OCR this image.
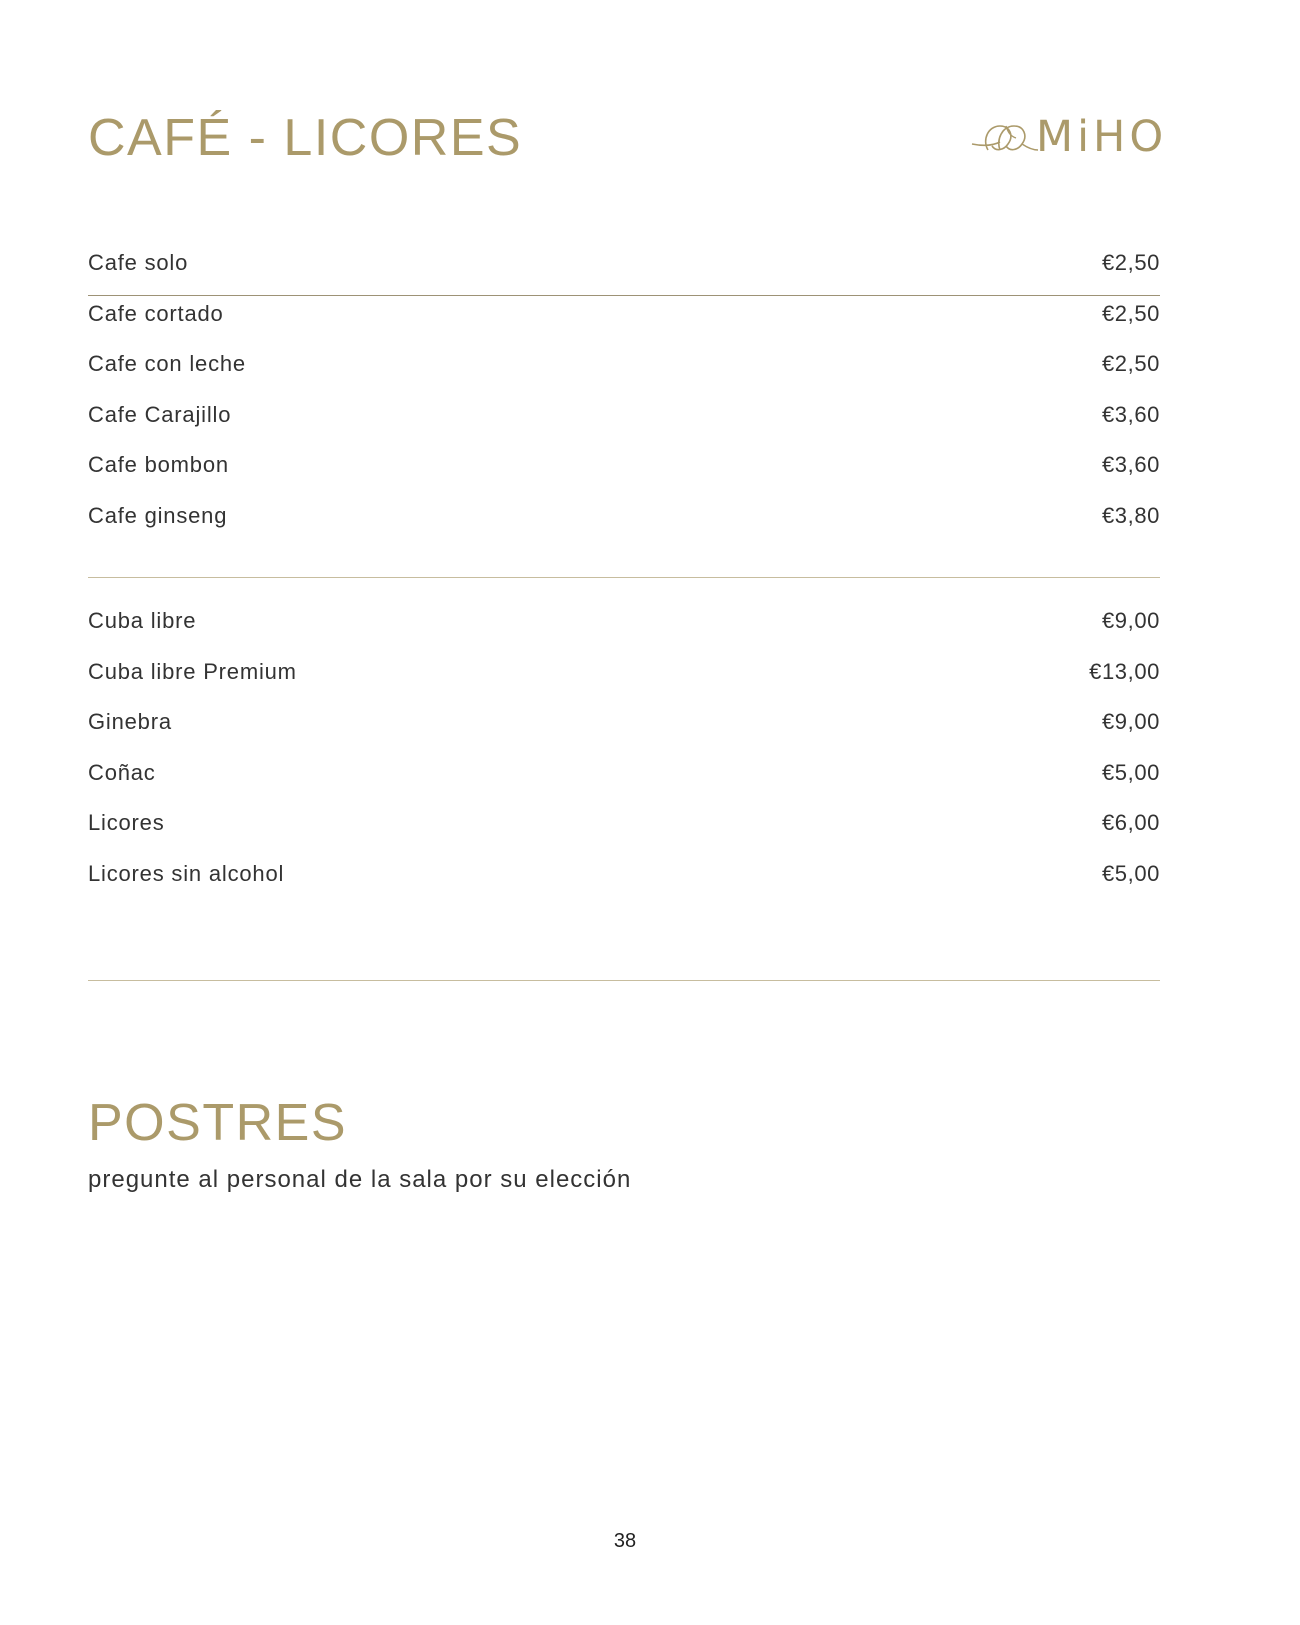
CAFÉ - LICORES	MiHO
Cafe solo	€2,50
Cafe cortado	€2,50
Cafe con leche	€2,50
Cafe Carajillo	€3,60
Cafe bombon	€3,60
Cafe ginseng	€3,80
Cuba libre	€9,00
Cuba libre Premium	€13,00
Ginebra	€9,00
Coñac	€5,00
Licores	€6,00
Licores sin alcohol	€5,00
POSTRES

pregunte al personal de la sala por su elección

38
